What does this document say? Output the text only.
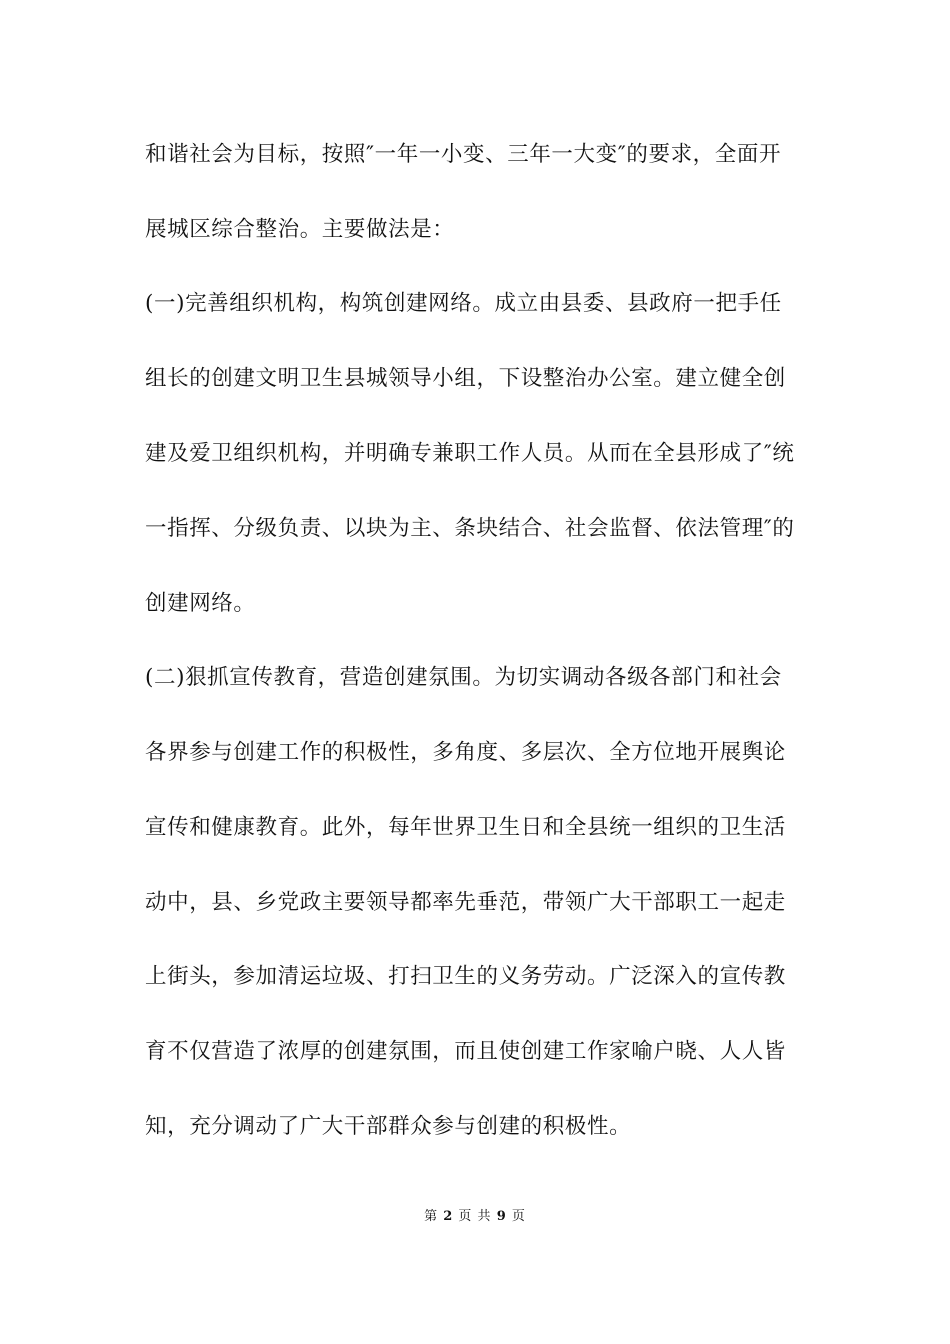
和谐社会为目标，按照″一年一小变、三年一大变″的要求，全面开
展城区综合整治。主要做法是：
(一)完善组织机构，构筑创建网络。成立由县委、县政府一把手任
组长的创建文明卫生县城领导小组，下设整治办公室。建立健全创
建及爱卫组织机构，并明确专兼职工作人员。从而在全县形成了″统
一指挥、分级负责、以块为主、条块结合、社会监督、依法管理″的
创建网络。
(二)狠抓宣传教育，营造创建氛围。为切实调动各级各部门和社会
各界参与创建工作的积极性，多角度、多层次、全方位地开展舆论
宣传和健康教育。此外，每年世界卫生日和全县统一组织的卫生活
动中，县、乡党政主要领导都率先垂范，带领广大干部职工一起走
上街头，参加清运垃圾、打扫卫生的义务劳动。广泛深入的宣传教
育不仅营造了浓厚的创建氛围，而且使创建工作家喻户晓、人人皆
知，充分调动了广大干部群众参与创建的积极性。
第 2 页 共 9 页
